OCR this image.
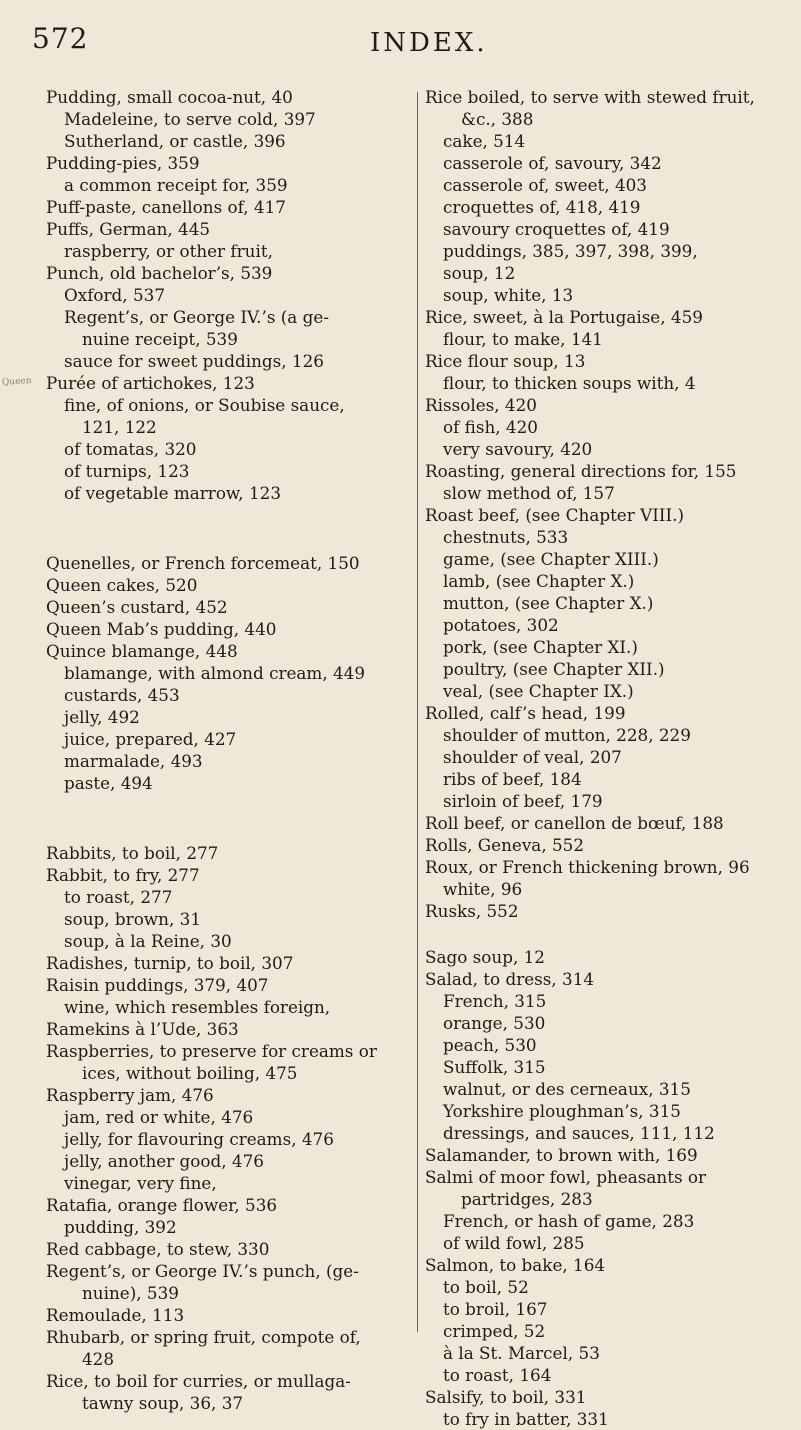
572	INDEX.
Queen
Pudding, small cocoa-nut, 40
Madeleine, to serve cold, 397
Sutherland, or castle, 396
Pudding-pies, 359
a common receipt for, 359
Puff-paste, canellons of, 417
Puffs, German, 445
raspberry, or other fruit,
Punch, old bachelor’s, 539
Oxford, 537
Regent’s, or George IV.’s (a ge-
nuine receipt, 539
sauce for sweet puddings, 126
Purée of artichokes, 123
fine, of onions, or Soubise sauce,
121, 122
of tomatas, 320
of turnips, 123
of vegetable marrow, 123
Quenelles, or French forcemeat, 150
Queen cakes, 520
Queen’s custard, 452
Queen Mab’s pudding, 440
Quince blamange, 448
blamange, with almond cream, 449
custards, 453
jelly, 492
juice, prepared, 427
marmalade, 493
paste, 494
Rabbits, to boil, 277
Rabbit, to fry, 277
to roast, 277
soup, brown, 31
soup, à la Reine, 30
Radishes, turnip, to boil, 307
Raisin puddings, 379, 407
wine, which resembles foreign,
Ramekins à l’Ude, 363
Raspberries, to preserve for creams or
ices, without boiling, 475
Raspberry jam, 476
jam, red or white, 476
jelly, for flavouring creams, 476
jelly, another good, 476
vinegar, very fine,
Ratafia, orange flower, 536
pudding, 392
Red cabbage, to stew, 330
Regent’s, or George IV.’s punch, (ge-
nuine), 539
Remoulade, 113
Rhubarb, or spring fruit, compote of,
428
Rice, to boil for curries, or mullaga-
tawny soup, 36, 37
Rice boiled, to serve with stewed fruit,
&c., 388
cake, 514
casserole of, savoury, 342
casserole of, sweet, 403
croquettes of, 418, 419
savoury croquettes of, 419
puddings, 385, 397, 398, 399,
soup, 12
soup, white, 13
Rice, sweet, à la Portugaise, 459
flour, to make, 141
Rice flour soup, 13
flour, to thicken soups with, 4
Rissoles, 420
of fish, 420
very savoury, 420
Roasting, general directions for, 155
slow method of, 157
Roast beef, (see Chapter VIII.)
chestnuts, 533
game, (see Chapter XIII.)
lamb, (see Chapter X.)
mutton, (see Chapter X.)
potatoes, 302
pork, (see Chapter XI.)
poultry, (see Chapter XII.)
veal, (see Chapter IX.)
Rolled, calf’s head, 199
shoulder of mutton, 228, 229
shoulder of veal, 207
ribs of beef, 184
sirloin of beef, 179
Roll beef, or canellon de bœuf, 188
Rolls, Geneva, 552
Roux, or French thickening brown, 96
white, 96
Rusks, 552
Sago soup, 12
Salad, to dress, 314
French, 315
orange, 530
peach, 530
Suffolk, 315
walnut, or des cerneaux, 315
Yorkshire ploughman’s, 315
dressings, and sauces, 111, 112
Salamander, to brown with, 169
Salmi of moor fowl, pheasants or
partridges, 283
French, or hash of game, 283
of wild fowl, 285
Salmon, to bake, 164
to boil, 52
to broil, 167
crimped, 52
à la St. Marcel, 53
to roast, 164
Salsify, to boil, 331
to fry in batter, 331
